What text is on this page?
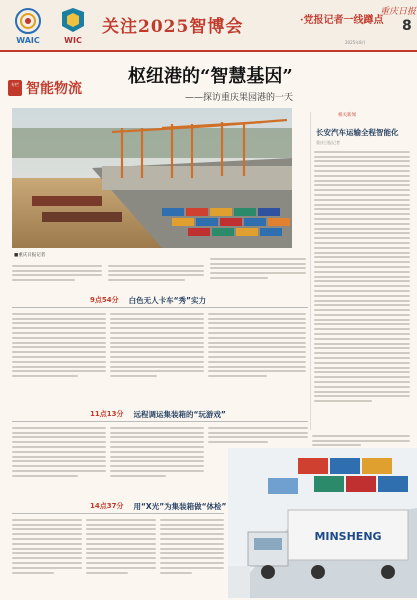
WAIC	WIC
关注2025智博会	·党报记者一线蹲点
重庆日报
8
2025年8月
专栏 智能物流
枢纽港的“智慧基因”
——探访重庆果园港的一天
■重庆日报记者
9点54分 白色无人卡车“秀”实力
11点13分 远程调运集装箱的“玩游戏”
14点37分 用“X光”为集装箱做“体检”
相关新闻
长安汽车运输全程智能化
重庆日报记者
MINSHENG
